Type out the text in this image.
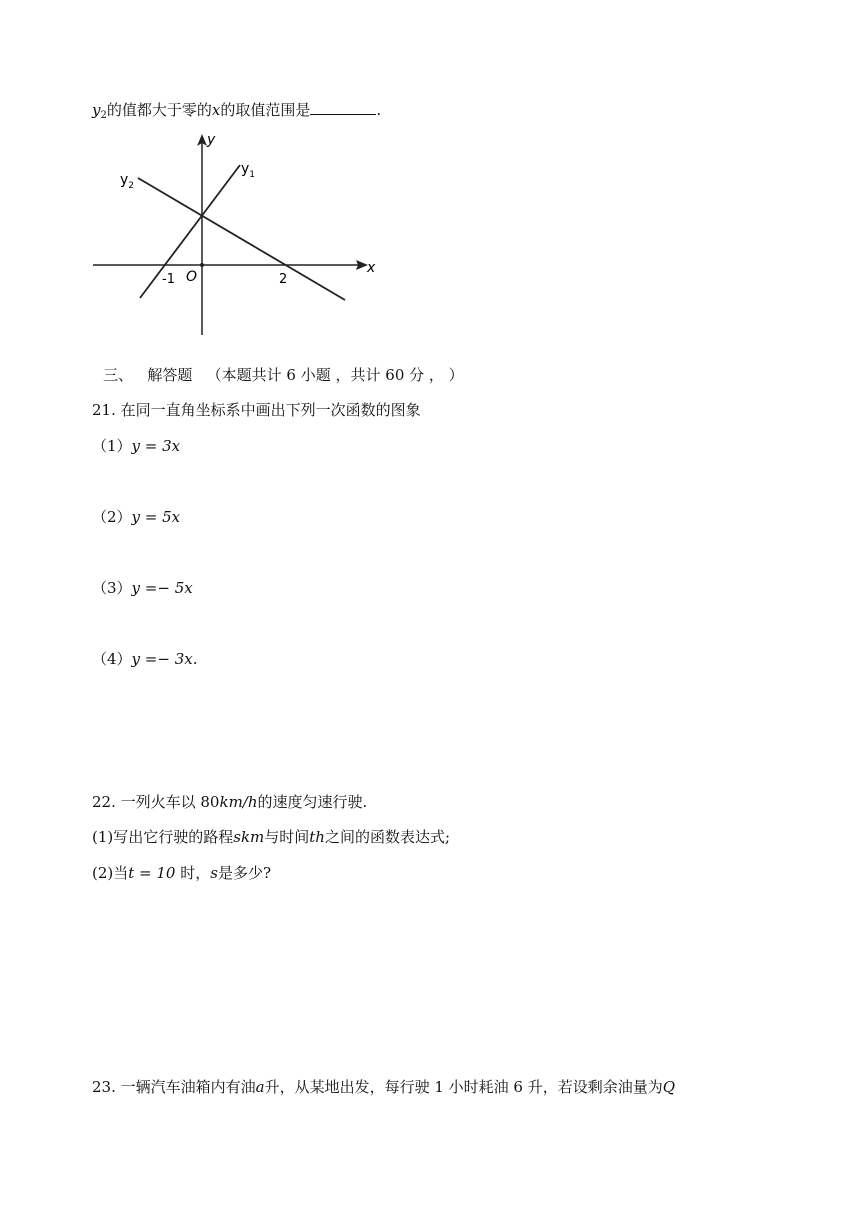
$y_2$的值都大于零的x的取值范围是	.
y
x
O
-1	2
$y_1$
$y_2$
三、 解答题 （本题共计 6 小题 ，共计 60 分 ， ）
21. 在同一直角坐标系中画出下列一次函数的图象
（1）y = 3x
（2）y = 5x
（3）y =− 5x
（4）y =− 3x.
22. 一列火车以 80km/h的速度匀速行驶.
(1)写出它行驶的路程skm与时间th之间的函数表达式;
(2)当t = 10 时，s是多少?
23. 一辆汽车油箱内有油a升，从某地出发，每行驶 1 小时耗油 6 升，若设剩余油量为Q
